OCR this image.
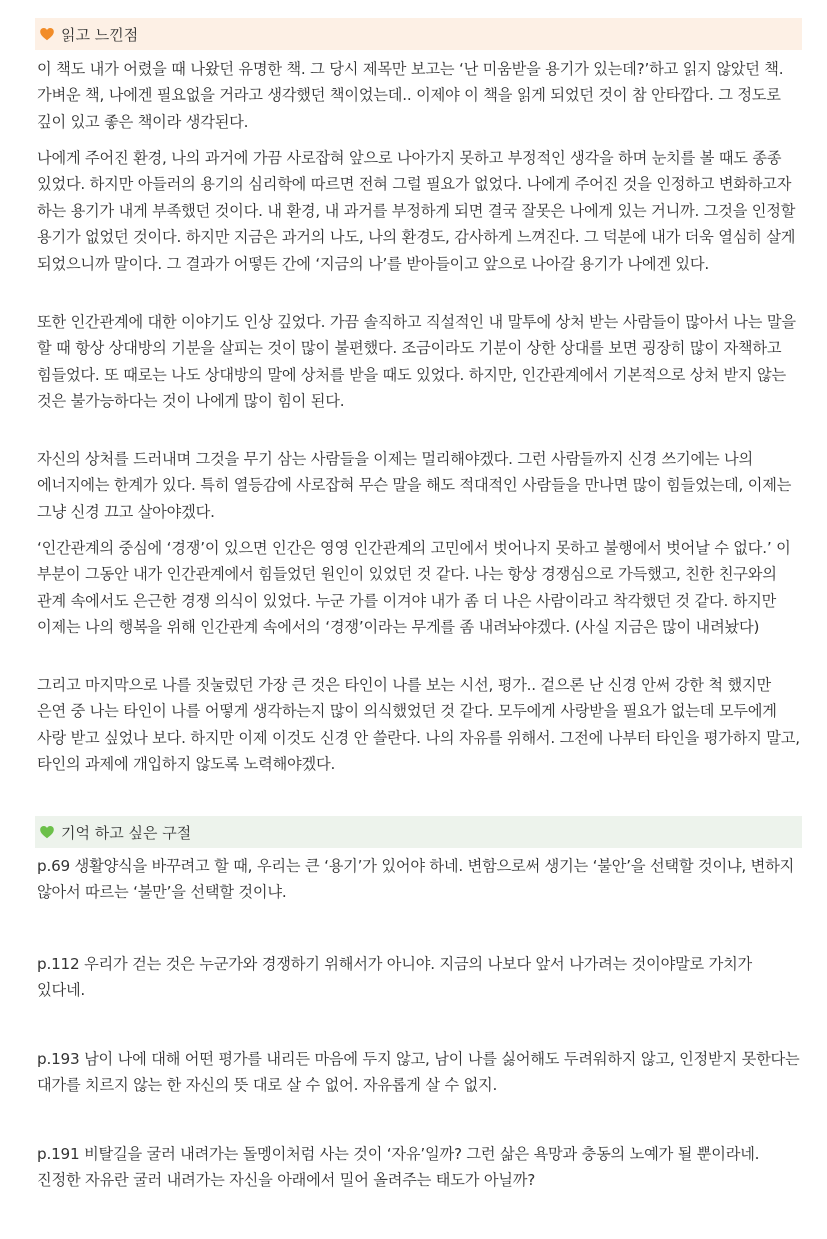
읽고 느낀점

이 책도 내가 어렸을 때 나왔던 유명한 책. 그 당시 제목만 보고는 ‘난 미움받을 용기가 있는데?’하고 읽지 않았던 책. 가벼운 책, 나에겐 필요없을 거라고 생각했던 책이었는데.. 이제야 이 책을 읽게 되었던 것이 참 안타깝다. 그 정도로 깊이 있고 좋은 책이라 생각된다.

나에게 주어진 환경, 나의 과거에 가끔 사로잡혀 앞으로 나아가지 못하고 부정적인 생각을 하며 눈치를 볼 때도 종종 있었다. 하지만 아들러의 용기의 심리학에 따르면 전혀 그럴 필요가 없었다. 나에게 주어진 것을 인정하고 변화하고자 하는 용기가 내게 부족했던 것이다. 내 환경, 내 과거를 부정하게 되면 결국 잘못은 나에게 있는 거니까. 그것을 인정할 용기가 없었던 것이다. 하지만 지금은 과거의 나도, 나의 환경도, 감사하게 느껴진다. 그 덕분에 내가 더욱 열심히 살게 되었으니까 말이다. 그 결과가 어떻든 간에 ‘지금의 나’를 받아들이고 앞으로 나아갈 용기가 나에겐 있다.

또한 인간관계에 대한 이야기도 인상 깊었다. 가끔 솔직하고 직설적인 내 말투에 상처 받는 사람들이 많아서 나는 말을 할 때 항상 상대방의 기분을 살피는 것이 많이 불편했다. 조금이라도 기분이 상한 상대를 보면 굉장히 많이 자책하고 힘들었다. 또 때로는 나도 상대방의 말에 상처를 받을 때도 있었다. 하지만, 인간관계에서 기본적으로 상처 받지 않는 것은 불가능하다는 것이 나에게 많이 힘이 된다.

자신의 상처를 드러내며 그것을 무기 삼는 사람들을 이제는 멀리해야겠다. 그런 사람들까지 신경 쓰기에는 나의 에너지에는 한계가 있다. 특히 열등감에 사로잡혀 무슨 말을 해도 적대적인 사람들을 만나면 많이 힘들었는데, 이제는 그냥 신경 끄고 살아야겠다.

‘인간관계의 중심에 ‘경쟁’이 있으면 인간은 영영 인간관계의 고민에서 벗어나지 못하고 불행에서 벗어날 수 없다.’ 이 부분이 그동안 내가 인간관계에서 힘들었던 원인이 있었던 것 같다. 나는 항상 경쟁심으로 가득했고, 친한 친구와의 관계 속에서도 은근한 경쟁 의식이 있었다. 누군 가를 이겨야 내가 좀 더 나은 사람이라고 착각했던 것 같다. 하지만 이제는 나의 행복을 위해 인간관계 속에서의 ‘경쟁’이라는 무게를 좀 내려놔야겠다. (사실 지금은 많이 내려놨다)

그리고 마지막으로 나를 짓눌렀던 가장 큰 것은 타인이 나를 보는 시선, 평가.. 겉으론 난 신경 안써 강한 척 했지만 은연 중 나는 타인이 나를 어떻게 생각하는지 많이 의식했었던 것 같다. 모두에게 사랑받을 필요가 없는데 모두에게 사랑 받고 싶었나 보다. 하지만 이제 이것도 신경 안 쓸란다. 나의 자유를 위해서. 그전에 나부터 타인을 평가하지 말고, 타인의 과제에 개입하지 않도록 노력해야겠다.

기억 하고 싶은 구절

p.69 생활양식을 바꾸려고 할 때, 우리는 큰 ‘용기’가 있어야 하네. 변함으로써 생기는 ‘불안’을 선택할 것이냐, 변하지 않아서 따르는 ‘불만’을 선택할 것이냐.

p.112 우리가 걷는 것은 누군가와 경쟁하기 위해서가 아니야. 지금의 나보다 앞서 나가려는 것이야말로 가치가 있다네.

p.193 남이 나에 대해 어떤 평가를 내리든 마음에 두지 않고, 남이 나를 싫어해도 두려워하지 않고, 인정받지 못한다는 대가를 치르지 않는 한 자신의 뜻 대로 살 수 없어. 자유롭게 살 수 없지.

p.191 비탈길을 굴러 내려가는 돌멩이처럼 사는 것이 ‘자유’일까? 그런 삶은 욕망과 충동의 노예가 될 뿐이라네. 진정한 자유란 굴러 내려가는 자신을 아래에서 밀어 올려주는 태도가 아닐까?
